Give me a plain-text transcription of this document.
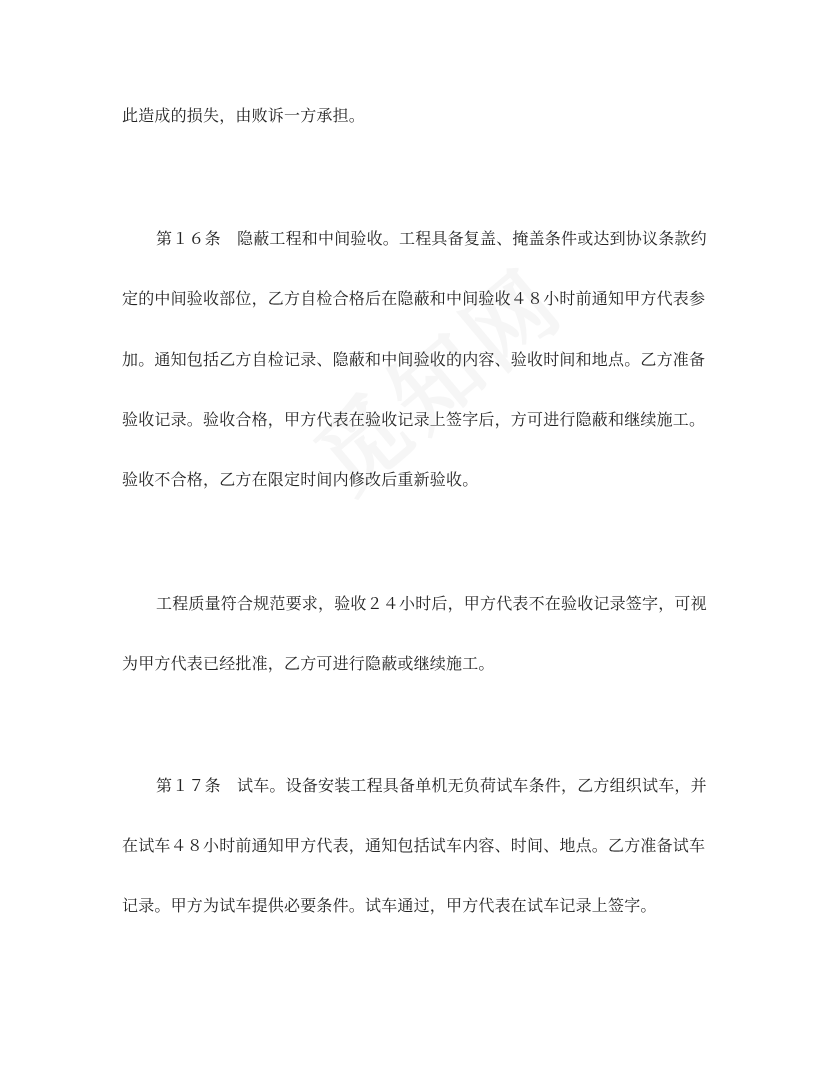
此造成的损失，由败诉一方承担。
第１６条　隐蔽工程和中间验收。工程具备复盖、掩盖条件或达到协议条款约
定的中间验收部位，乙方自检合格后在隐蔽和中间验收４８小时前通知甲方代表参
加。通知包括乙方自检记录、隐蔽和中间验收的内容、验收时间和地点。乙方准备
验收记录。验收合格，甲方代表在验收记录上签字后，方可进行隐蔽和继续施工。
验收不合格，乙方在限定时间内修改后重新验收。
工程质量符合规范要求，验收２４小时后，甲方代表不在验收记录签字，可视
为甲方代表已经批准，乙方可进行隐蔽或继续施工。
第１７条　试车。设备安装工程具备单机无负荷试车条件，乙方组织试车，并
在试车４８小时前通知甲方代表，通知包括试车内容、时间、地点。乙方准备试车
记录。甲方为试车提供必要条件。试车通过，甲方代表在试车记录上签字。
